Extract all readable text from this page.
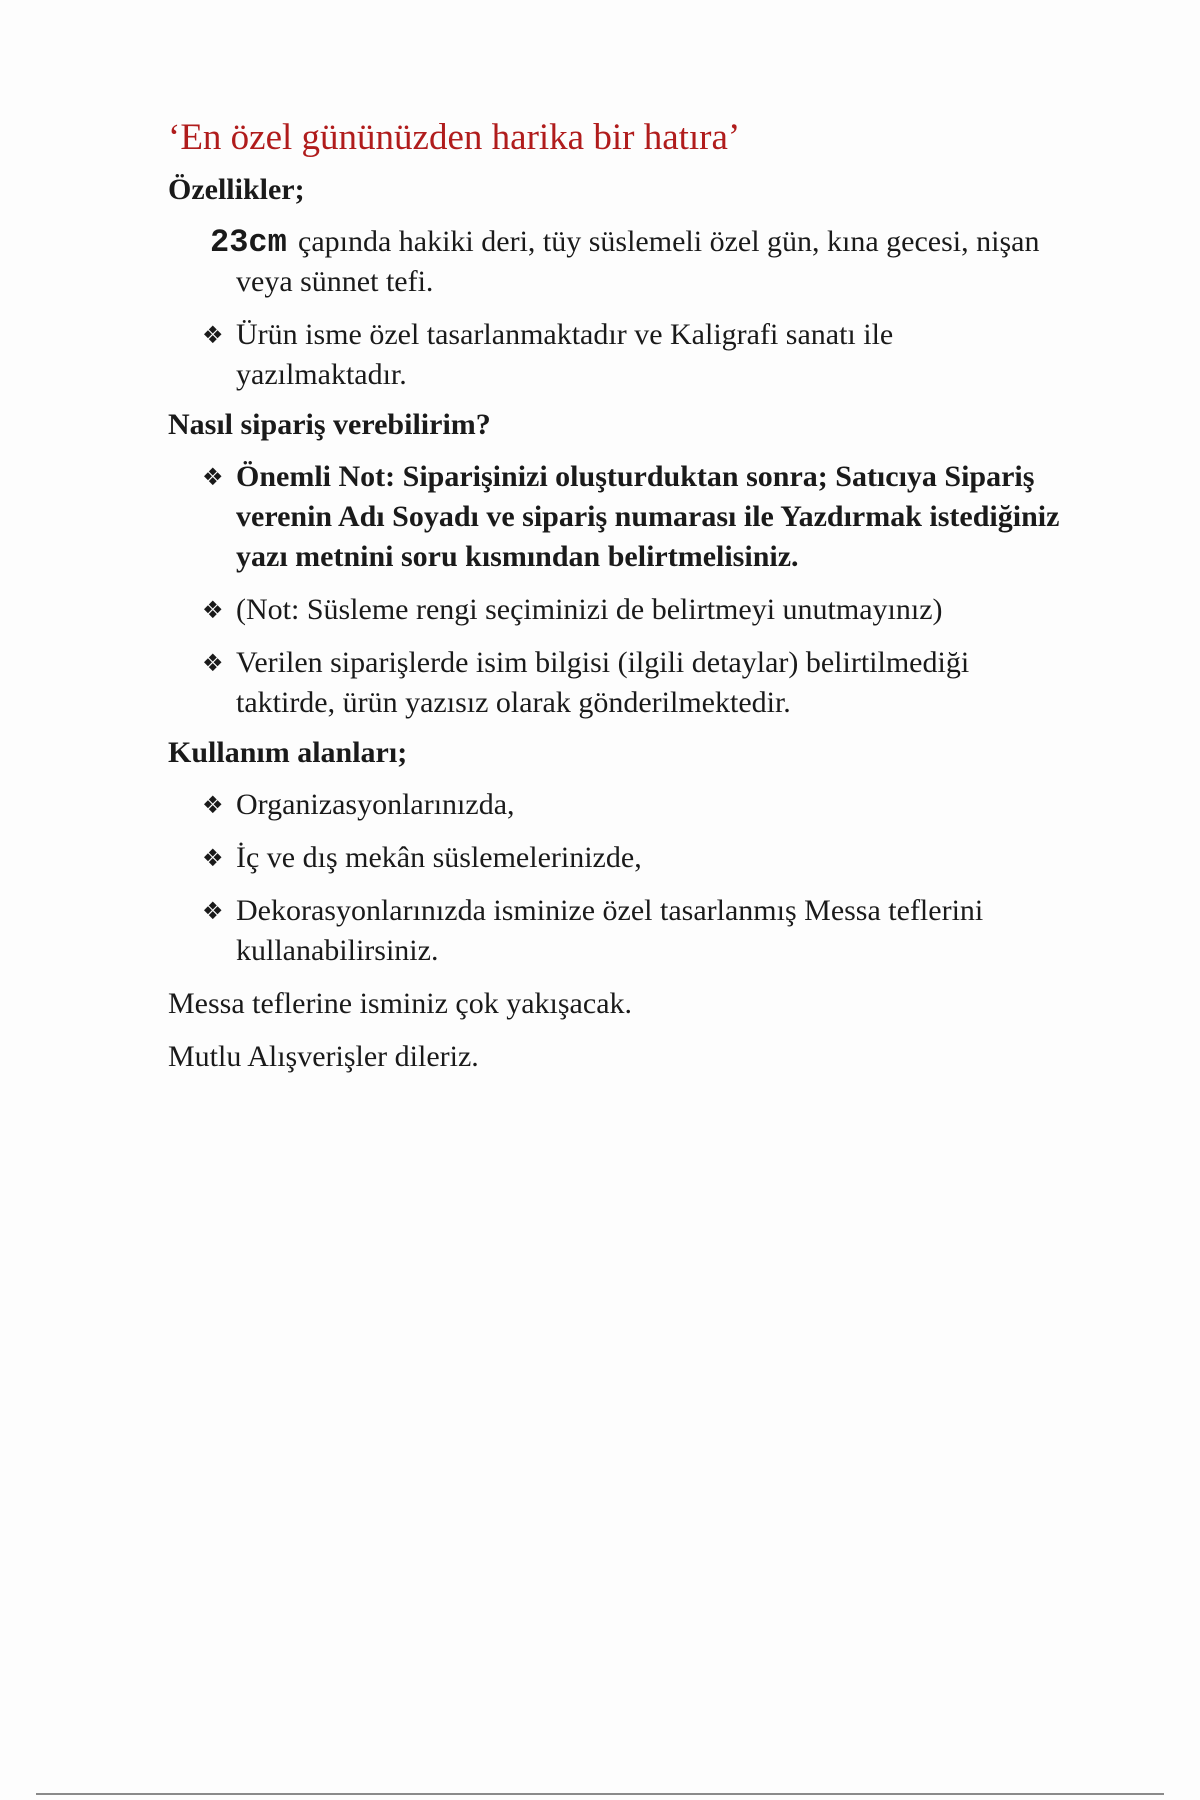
‘En özel gününüzden harika bir hatıra’

Özellikler;

23cm çapında hakiki deri, tüy süslemeli özel gün, kına gecesi, nişan veya sünnet tefi.

❖ Ürün isme özel tasarlanmaktadır ve Kaligrafi sanatı ile yazılmaktadır.

Nasıl sipariş verebilirim?

❖ Önemli Not: Siparişinizi oluşturduktan sonra; Satıcıya Sipariş verenin Adı Soyadı ve sipariş numarası ile Yazdırmak istediğiniz yazı metnini soru kısmından belirtmelisiniz.

❖ (Not: Süsleme rengi seçiminizi de belirtmeyi unutmayınız)

❖ Verilen siparişlerde isim bilgisi (ilgili detaylar) belirtilmediği taktirde, ürün yazısız olarak gönderilmektedir.

Kullanım alanları;

❖ Organizasyonlarınızda,

❖ İç ve dış mekân süslemelerinizde,

❖ Dekorasyonlarınızda isminize özel tasarlanmış Messa teflerini kullanabilirsiniz.

Messa teflerine isminiz çok yakışacak.

Mutlu Alışverişler dileriz.
